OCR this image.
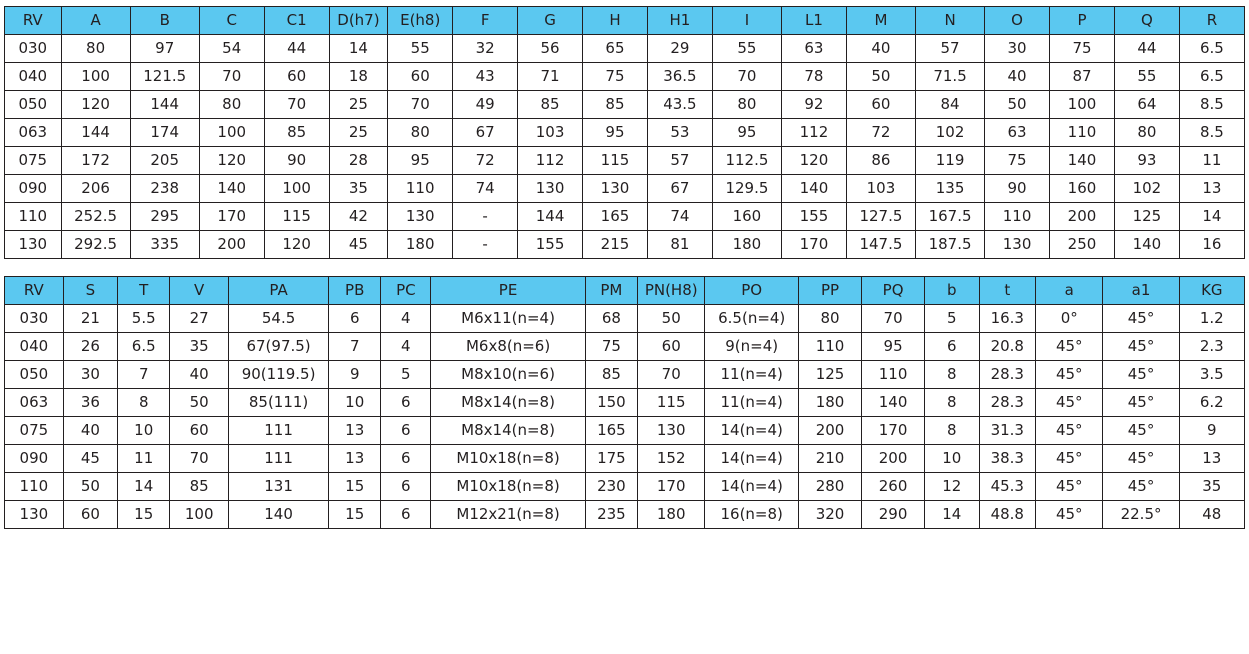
RV	A	B	C	C1	D(h7)	E(h8)	F	G	H	H1	I	L1	M	N	O	P	Q	R
030	80	97	54	44	14	55	32	56	65	29	55	63	40	57	30	75	44	6.5
040	100	121.5	70	60	18	60	43	71	75	36.5	70	78	50	71.5	40	87	55	6.5
050	120	144	80	70	25	70	49	85	85	43.5	80	92	60	84	50	100	64	8.5
063	144	174	100	85	25	80	67	103	95	53	95	112	72	102	63	110	80	8.5
075	172	205	120	90	28	95	72	112	115	57	112.5	120	86	119	75	140	93	11
090	206	238	140	100	35	110	74	130	130	67	129.5	140	103	135	90	160	102	13
110	252.5	295	170	115	42	130	-	144	165	74	160	155	127.5	167.5	110	200	125	14
130	292.5	335	200	120	45	180	-	155	215	81	180	170	147.5	187.5	130	250	140	16
RV	S	T	V	PA	PB	PC	PE	PM	PN(H8)	PO	PP	PQ	b	t	a	a1	KG
030	21	5.5	27	54.5	6	4	M6x11(n=4)	68	50	6.5(n=4)	80	70	5	16.3	0°	45°	1.2
040	26	6.5	35	67(97.5)	7	4	M6x8(n=6)	75	60	9(n=4)	110	95	6	20.8	45°	45°	2.3
050	30	7	40	90(119.5)	9	5	M8x10(n=6)	85	70	11(n=4)	125	110	8	28.3	45°	45°	3.5
063	36	8	50	85(111)	10	6	M8x14(n=8)	150	115	11(n=4)	180	140	8	28.3	45°	45°	6.2
075	40	10	60	111	13	6	M8x14(n=8)	165	130	14(n=4)	200	170	8	31.3	45°	45°	9
090	45	11	70	111	13	6	M10x18(n=8)	175	152	14(n=4)	210	200	10	38.3	45°	45°	13
110	50	14	85	131	15	6	M10x18(n=8)	230	170	14(n=4)	280	260	12	45.3	45°	45°	35
130	60	15	100	140	15	6	M12x21(n=8)	235	180	16(n=8)	320	290	14	48.8	45°	22.5°	48
